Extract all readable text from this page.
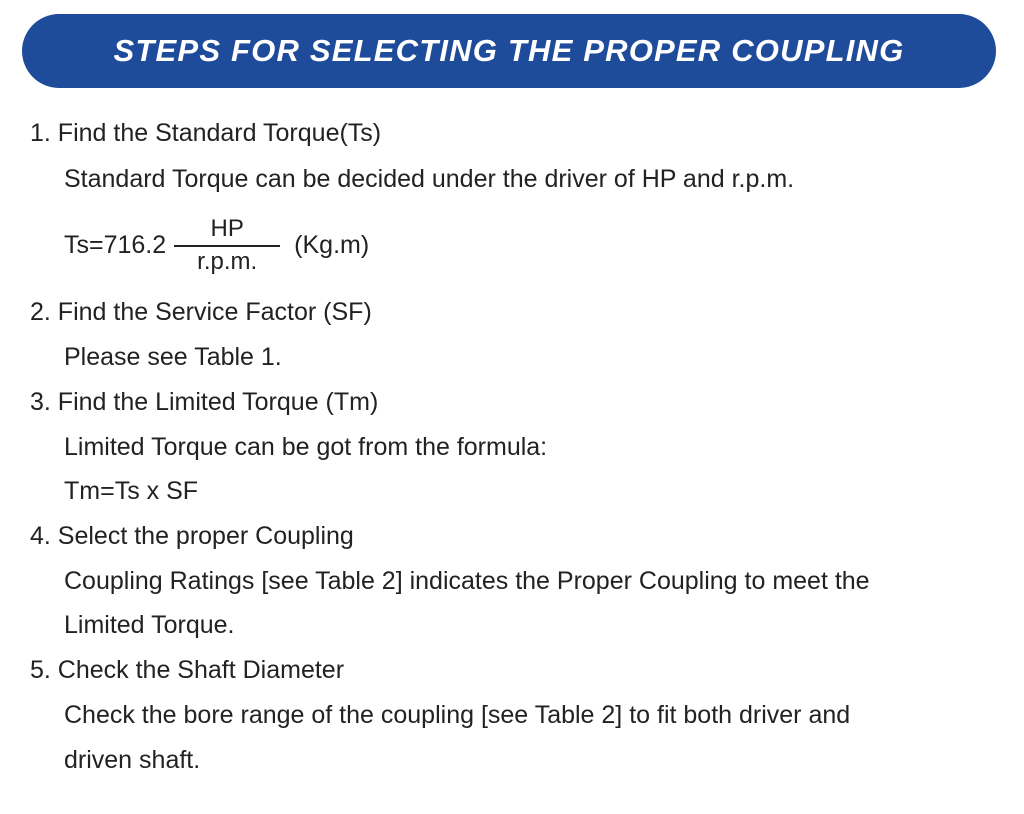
STEPS FOR SELECTING THE PROPER COUPLING
1. Find the Standard Torque(Ts)
Standard Torque can be decided under the driver of HP and r.p.m.
$Ts=716.2 \frac{HP}{r.p.m.} (Kg.m)$
2. Find the Service Factor (SF)
Please see Table 1.
3. Find the Limited Torque (Tm)
Limited Torque can be got from the formula:
Tm=Ts x SF
4. Select the proper Coupling
Coupling Ratings [see Table 2] indicates the Proper Coupling to meet the
Limited Torque.
5. Check the Shaft Diameter
Check the bore range of the coupling [see Table 2] to fit both driver and
driven shaft.
